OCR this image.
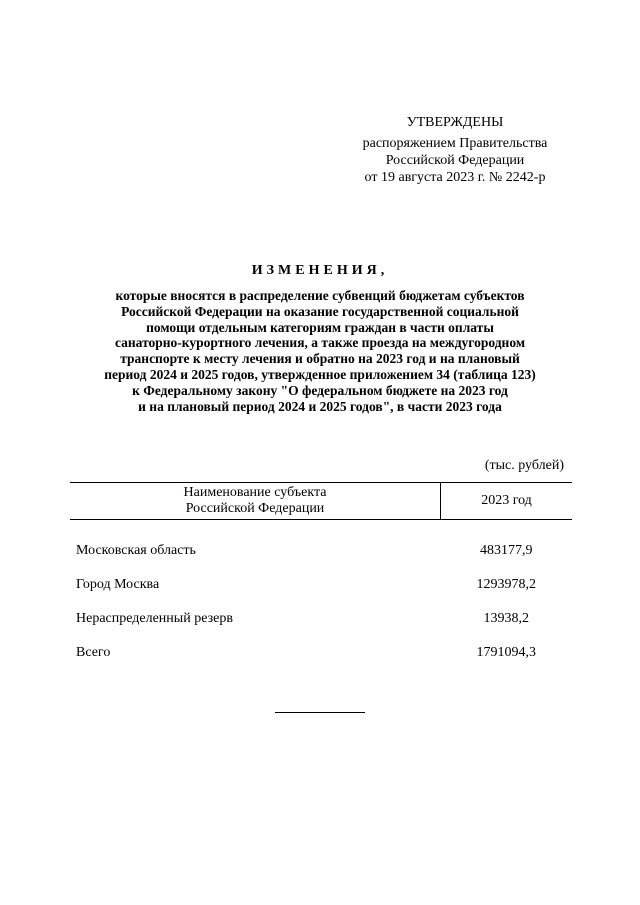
УТВЕРЖДЕНЫ
распоряжением Правительства
Российской Федерации
от 19 августа 2023 г. № 2242-р
ИЗМЕНЕНИЯ,
которые вносятся в распределение субвенций бюджетам субъектов
Российской Федерации на оказание государственной социальной
помощи отдельным категориям граждан в части оплаты
санаторно-курортного лечения, а также проезда на междугородном
транспорте к месту лечения и обратно на 2023 год и на плановый
период 2024 и 2025 годов, утвержденное приложением 34 (таблица 123)
к Федеральному закону "О федеральном бюджете на 2023 год
и на плановый период 2024 и 2025 годов", в части 2023 года
(тыс. рублей)
Наименование субъекта
Российской Федерации	2023 год
Московская область	483177,9
Город Москва	1293978,2
Нераспределенный резерв	13938,2
Всего	1791094,3
